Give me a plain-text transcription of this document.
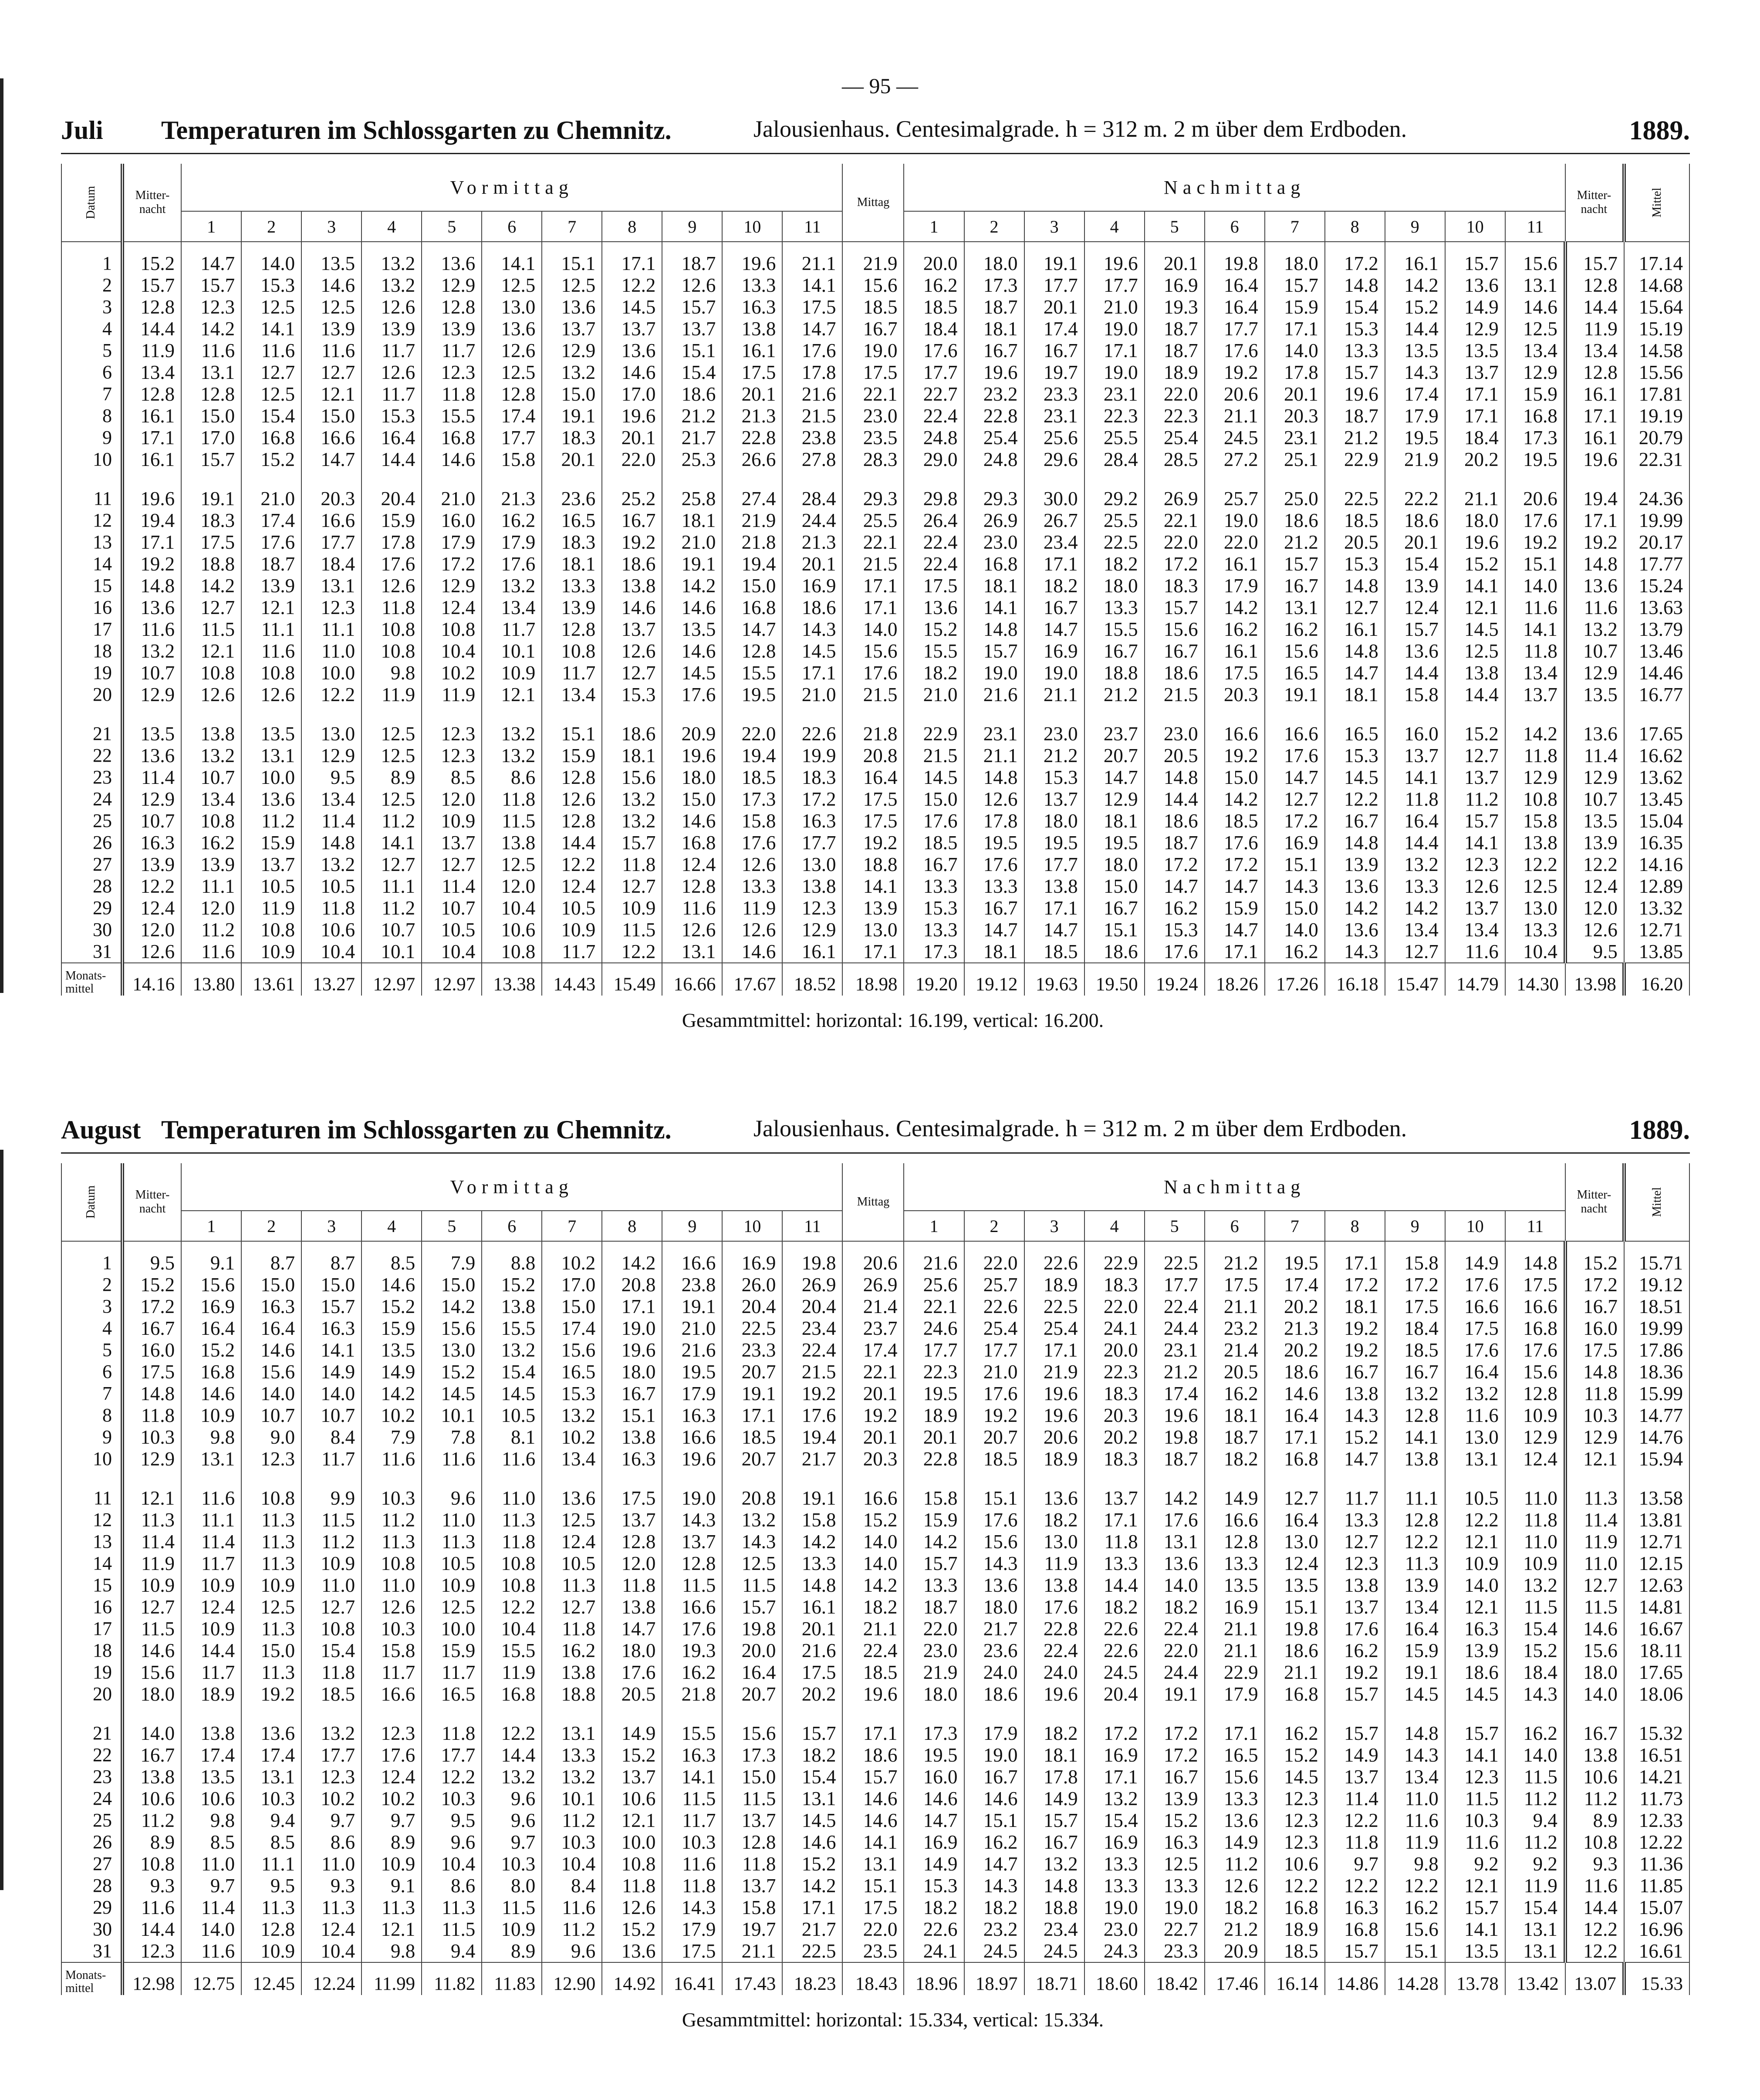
— 95 —
Juli Temperaturen im Schlossgarten zu Chemnitz.	Jalousienhaus. Centesimalgrade. h = 312 m. 2 m über dem Erdboden.	1889.
Datum	Mitter-nacht	Vormittag											Mittag	Nachmittag											Mitter-nacht	Mittel
		1	2	3	4	5	6	7	8	9	10	11		1	2	3	4	5	6	7	8	9	10	11		
1	15.2	14.7	14.0	13.5	13.2	13.6	14.1	15.1	17.1	18.7	19.6	21.1	21.9	20.0	18.0	19.1	19.6	20.1	19.8	18.0	17.2	16.1	15.7	15.6	15.7	17.14
2	15.7	15.7	15.3	14.6	13.2	12.9	12.5	12.5	12.2	12.6	13.3	14.1	15.6	16.2	17.3	17.7	17.7	16.9	16.4	15.7	14.8	14.2	13.6	13.1	12.8	14.68
3	12.8	12.3	12.5	12.5	12.6	12.8	13.0	13.6	14.5	15.7	16.3	17.5	18.5	18.5	18.7	20.1	21.0	19.3	16.4	15.9	15.4	15.2	14.9	14.6	14.4	15.64
4	14.4	14.2	14.1	13.9	13.9	13.9	13.6	13.7	13.7	13.7	13.8	14.7	16.7	18.4	18.1	17.4	19.0	18.7	17.7	17.1	15.3	14.4	12.9	12.5	11.9	15.19
5	11.9	11.6	11.6	11.6	11.7	11.7	12.6	12.9	13.6	15.1	16.1	17.6	19.0	17.6	16.7	16.7	17.1	18.7	17.6	14.0	13.3	13.5	13.5	13.4	13.4	14.58
6	13.4	13.1	12.7	12.7	12.6	12.3	12.5	13.2	14.6	15.4	17.5	17.8	17.5	17.7	19.6	19.7	19.0	18.9	19.2	17.8	15.7	14.3	13.7	12.9	12.8	15.56
7	12.8	12.8	12.5	12.1	11.7	11.8	12.8	15.0	17.0	18.6	20.1	21.6	22.1	22.7	23.2	23.3	23.1	22.0	20.6	20.1	19.6	17.4	17.1	15.9	16.1	17.81
8	16.1	15.0	15.4	15.0	15.3	15.5	17.4	19.1	19.6	21.2	21.3	21.5	23.0	22.4	22.8	23.1	22.3	22.3	21.1	20.3	18.7	17.9	17.1	16.8	17.1	19.19
9	17.1	17.0	16.8	16.6	16.4	16.8	17.7	18.3	20.1	21.7	22.8	23.8	23.5	24.8	25.4	25.6	25.5	25.4	24.5	23.1	21.2	19.5	18.4	17.3	16.1	20.79
10	16.1	15.7	15.2	14.7	14.4	14.6	15.8	20.1	22.0	25.3	26.6	27.8	28.3	29.0	24.8	29.6	28.4	28.5	27.2	25.1	22.9	21.9	20.2	19.5	19.6	22.31
11	19.6	19.1	21.0	20.3	20.4	21.0	21.3	23.6	25.2	25.8	27.4	28.4	29.3	29.8	29.3	30.0	29.2	26.9	25.7	25.0	22.5	22.2	21.1	20.6	19.4	24.36
12	19.4	18.3	17.4	16.6	15.9	16.0	16.2	16.5	16.7	18.1	21.9	24.4	25.5	26.4	26.9	26.7	25.5	22.1	19.0	18.6	18.5	18.6	18.0	17.6	17.1	19.99
13	17.1	17.5	17.6	17.7	17.8	17.9	17.9	18.3	19.2	21.0	21.8	21.3	22.1	22.4	23.0	23.4	22.5	22.0	22.0	21.2	20.5	20.1	19.6	19.2	19.2	20.17
14	19.2	18.8	18.7	18.4	17.6	17.2	17.6	18.1	18.6	19.1	19.4	20.1	21.5	22.4	16.8	17.1	18.2	17.2	16.1	15.7	15.3	15.4	15.2	15.1	14.8	17.77
15	14.8	14.2	13.9	13.1	12.6	12.9	13.2	13.3	13.8	14.2	15.0	16.9	17.1	17.5	18.1	18.2	18.0	18.3	17.9	16.7	14.8	13.9	14.1	14.0	13.6	15.24
16	13.6	12.7	12.1	12.3	11.8	12.4	13.4	13.9	14.6	14.6	16.8	18.6	17.1	13.6	14.1	16.7	13.3	15.7	14.2	13.1	12.7	12.4	12.1	11.6	11.6	13.63
17	11.6	11.5	11.1	11.1	10.8	10.8	11.7	12.8	13.7	13.5	14.7	14.3	14.0	15.2	14.8	14.7	15.5	15.6	16.2	16.2	16.1	15.7	14.5	14.1	13.2	13.79
18	13.2	12.1	11.6	11.0	10.8	10.4	10.1	10.8	12.6	14.6	12.8	14.5	15.6	15.5	15.7	16.9	16.7	16.7	16.1	15.6	14.8	13.6	12.5	11.8	10.7	13.46
19	10.7	10.8	10.8	10.0	9.8	10.2	10.9	11.7	12.7	14.5	15.5	17.1	17.6	18.2	19.0	19.0	18.8	18.6	17.5	16.5	14.7	14.4	13.8	13.4	12.9	14.46
20	12.9	12.6	12.6	12.2	11.9	11.9	12.1	13.4	15.3	17.6	19.5	21.0	21.5	21.0	21.6	21.1	21.2	21.5	20.3	19.1	18.1	15.8	14.4	13.7	13.5	16.77
21	13.5	13.8	13.5	13.0	12.5	12.3	13.2	15.1	18.6	20.9	22.0	22.6	21.8	22.9	23.1	23.0	23.7	23.0	16.6	16.6	16.5	16.0	15.2	14.2	13.6	17.65
22	13.6	13.2	13.1	12.9	12.5	12.3	13.2	15.9	18.1	19.6	19.4	19.9	20.8	21.5	21.1	21.2	20.7	20.5	19.2	17.6	15.3	13.7	12.7	11.8	11.4	16.62
23	11.4	10.7	10.0	9.5	8.9	8.5	8.6	12.8	15.6	18.0	18.5	18.3	16.4	14.5	14.8	15.3	14.7	14.8	15.0	14.7	14.5	14.1	13.7	12.9	12.9	13.62
24	12.9	13.4	13.6	13.4	12.5	12.0	11.8	12.6	13.2	15.0	17.3	17.2	17.5	15.0	12.6	13.7	12.9	14.4	14.2	12.7	12.2	11.8	11.2	10.8	10.7	13.45
25	10.7	10.8	11.2	11.4	11.2	10.9	11.5	12.8	13.2	14.6	15.8	16.3	17.5	17.6	17.8	18.0	18.1	18.6	18.5	17.2	16.7	16.4	15.7	15.8	13.5	15.04
26	16.3	16.2	15.9	14.8	14.1	13.7	13.8	14.4	15.7	16.8	17.6	17.7	19.2	18.5	19.5	19.5	19.5	18.7	17.6	16.9	14.8	14.4	14.1	13.8	13.9	16.35
27	13.9	13.9	13.7	13.2	12.7	12.7	12.5	12.2	11.8	12.4	12.6	13.0	18.8	16.7	17.6	17.7	18.0	17.2	17.2	15.1	13.9	13.2	12.3	12.2	12.2	14.16
28	12.2	11.1	10.5	10.5	11.1	11.4	12.0	12.4	12.7	12.8	13.3	13.8	14.1	13.3	13.3	13.8	15.0	14.7	14.7	14.3	13.6	13.3	12.6	12.5	12.4	12.89
29	12.4	12.0	11.9	11.8	11.2	10.7	10.4	10.5	10.9	11.6	11.9	12.3	13.9	15.3	16.7	17.1	16.7	16.2	15.9	15.0	14.2	14.2	13.7	13.0	12.0	13.32
30	12.0	11.2	10.8	10.6	10.7	10.5	10.6	10.9	11.5	12.6	12.6	12.9	13.0	13.3	14.7	14.7	15.1	15.3	14.7	14.0	13.6	13.4	13.4	13.3	12.6	12.71
31	12.6	11.6	10.9	10.4	10.1	10.4	10.8	11.7	12.2	13.1	14.6	16.1	17.1	17.3	18.1	18.5	18.6	17.6	17.1	16.2	14.3	12.7	11.6	10.4	9.5	13.85
Monats-mittel	14.16	13.80	13.61	13.27	12.97	12.97	13.38	14.43	15.49	16.66	17.67	18.52	18.98	19.20	19.12	19.63	19.50	19.24	18.26	17.26	16.18	15.47	14.79	14.30	13.98	16.20
Gesammtmittel: horizontal: 16.199, vertical: 16.200.
August Temperaturen im Schlossgarten zu Chemnitz.	Jalousienhaus. Centesimalgrade. h = 312 m. 2 m über dem Erdboden.	1889.
Datum	Mitter-nacht	Vormittag											Mittag	Nachmittag											Mitter-nacht	Mittel
		1	2	3	4	5	6	7	8	9	10	11		1	2	3	4	5	6	7	8	9	10	11		
1	9.5	9.1	8.7	8.7	8.5	7.9	8.8	10.2	14.2	16.6	16.9	19.8	20.6	21.6	22.0	22.6	22.9	22.5	21.2	19.5	17.1	15.8	14.9	14.8	15.2	15.71
2	15.2	15.6	15.0	15.0	14.6	15.0	15.2	17.0	20.8	23.8	26.0	26.9	26.9	25.6	25.7	18.9	18.3	17.7	17.5	17.4	17.2	17.2	17.6	17.5	17.2	19.12
3	17.2	16.9	16.3	15.7	15.2	14.2	13.8	15.0	17.1	19.1	20.4	20.4	21.4	22.1	22.6	22.5	22.0	22.4	21.1	20.2	18.1	17.5	16.6	16.6	16.7	18.51
4	16.7	16.4	16.4	16.3	15.9	15.6	15.5	17.4	19.0	21.0	22.5	23.4	23.7	24.6	25.4	25.4	24.1	24.4	23.2	21.3	19.2	18.4	17.5	16.8	16.0	19.99
5	16.0	15.2	14.6	14.1	13.5	13.0	13.2	15.6	19.6	21.6	23.3	22.4	17.4	17.7	17.7	17.1	20.0	23.1	21.4	20.2	19.2	18.5	17.6	17.6	17.5	17.86
6	17.5	16.8	15.6	14.9	14.9	15.2	15.4	16.5	18.0	19.5	20.7	21.5	22.1	22.3	21.0	21.9	22.3	21.2	20.5	18.6	16.7	16.7	16.4	15.6	14.8	18.36
7	14.8	14.6	14.0	14.0	14.2	14.5	14.5	15.3	16.7	17.9	19.1	19.2	20.1	19.5	17.6	19.6	18.3	17.4	16.2	14.6	13.8	13.2	13.2	12.8	11.8	15.99
8	11.8	10.9	10.7	10.7	10.2	10.1	10.5	13.2	15.1	16.3	17.1	17.6	19.2	18.9	19.2	19.6	20.3	19.6	18.1	16.4	14.3	12.8	11.6	10.9	10.3	14.77
9	10.3	9.8	9.0	8.4	7.9	7.8	8.1	10.2	13.8	16.6	18.5	19.4	20.1	20.1	20.7	20.6	20.2	19.8	18.7	17.1	15.2	14.1	13.0	12.9	12.9	14.76
10	12.9	13.1	12.3	11.7	11.6	11.6	11.6	13.4	16.3	19.6	20.7	21.7	20.3	22.8	18.5	18.9	18.3	18.7	18.2	16.8	14.7	13.8	13.1	12.4	12.1	15.94
11	12.1	11.6	10.8	9.9	10.3	9.6	11.0	13.6	17.5	19.0	20.8	19.1	16.6	15.8	15.1	13.6	13.7	14.2	14.9	12.7	11.7	11.1	10.5	11.0	11.3	13.58
12	11.3	11.1	11.3	11.5	11.2	11.0	11.3	12.5	13.7	14.3	13.2	15.8	15.2	15.9	17.6	18.2	17.1	17.6	16.6	16.4	13.3	12.8	12.2	11.8	11.4	13.81
13	11.4	11.4	11.3	11.2	11.3	11.3	11.8	12.4	12.8	13.7	14.3	14.2	14.0	14.2	15.6	13.0	11.8	13.1	12.8	13.0	12.7	12.2	12.1	11.0	11.9	12.71
14	11.9	11.7	11.3	10.9	10.8	10.5	10.8	10.5	12.0	12.8	12.5	13.3	14.0	15.7	14.3	11.9	13.3	13.6	13.3	12.4	12.3	11.3	10.9	10.9	11.0	12.15
15	10.9	10.9	10.9	11.0	11.0	10.9	10.8	11.3	11.8	11.5	11.5	14.8	14.2	13.3	13.6	13.8	14.4	14.0	13.5	13.5	13.8	13.9	14.0	13.2	12.7	12.63
16	12.7	12.4	12.5	12.7	12.6	12.5	12.2	12.7	13.8	16.6	15.7	16.1	18.2	18.7	18.0	17.6	18.2	18.2	16.9	15.1	13.7	13.4	12.1	11.5	11.5	14.81
17	11.5	10.9	11.3	10.8	10.3	10.0	10.4	11.8	14.7	17.6	19.8	20.1	21.1	22.0	21.7	22.8	22.6	22.4	21.1	19.8	17.6	16.4	16.3	15.4	14.6	16.67
18	14.6	14.4	15.0	15.4	15.8	15.9	15.5	16.2	18.0	19.3	20.0	21.6	22.4	23.0	23.6	22.4	22.6	22.0	21.1	18.6	16.2	15.9	13.9	15.2	15.6	18.11
19	15.6	11.7	11.3	11.8	11.7	11.7	11.9	13.8	17.6	16.2	16.4	17.5	18.5	21.9	24.0	24.0	24.5	24.4	22.9	21.1	19.2	19.1	18.6	18.4	18.0	17.65
20	18.0	18.9	19.2	18.5	16.6	16.5	16.8	18.8	20.5	21.8	20.7	20.2	19.6	18.0	18.6	19.6	20.4	19.1	17.9	16.8	15.7	14.5	14.5	14.3	14.0	18.06
21	14.0	13.8	13.6	13.2	12.3	11.8	12.2	13.1	14.9	15.5	15.6	15.7	17.1	17.3	17.9	18.2	17.2	17.2	17.1	16.2	15.7	14.8	15.7	16.2	16.7	15.32
22	16.7	17.4	17.4	17.7	17.6	17.7	14.4	13.3	15.2	16.3	17.3	18.2	18.6	19.5	19.0	18.1	16.9	17.2	16.5	15.2	14.9	14.3	14.1	14.0	13.8	16.51
23	13.8	13.5	13.1	12.3	12.4	12.2	13.2	13.2	13.7	14.1	15.0	15.4	15.7	16.0	16.7	17.8	17.1	16.7	15.6	14.5	13.7	13.4	12.3	11.5	10.6	14.21
24	10.6	10.6	10.3	10.2	10.2	10.3	9.6	10.1	10.6	11.5	11.5	13.1	14.6	14.6	14.6	14.9	13.2	13.9	13.3	12.3	11.4	11.0	11.5	11.2	11.2	11.73
25	11.2	9.8	9.4	9.7	9.7	9.5	9.6	11.2	12.1	11.7	13.7	14.5	14.6	14.7	15.1	15.7	15.4	15.2	13.6	12.3	12.2	11.6	10.3	9.4	8.9	12.33
26	8.9	8.5	8.5	8.6	8.9	9.6	9.7	10.3	10.0	10.3	12.8	14.6	14.1	16.9	16.2	16.7	16.9	16.3	14.9	12.3	11.8	11.9	11.6	11.2	10.8	12.22
27	10.8	11.0	11.1	11.0	10.9	10.4	10.3	10.4	10.8	11.6	11.8	15.2	13.1	14.9	14.7	13.2	13.3	12.5	11.2	10.6	9.7	9.8	9.2	9.2	9.3	11.36
28	9.3	9.7	9.5	9.3	9.1	8.6	8.0	8.4	11.8	11.8	13.7	14.2	15.1	15.3	14.3	14.8	13.3	13.3	12.6	12.2	12.2	12.2	12.1	11.9	11.6	11.85
29	11.6	11.4	11.3	11.3	11.3	11.3	11.5	11.6	12.6	14.3	15.8	17.1	17.5	18.2	18.2	18.8	19.0	19.0	18.2	16.8	16.3	16.2	15.7	15.4	14.4	15.07
30	14.4	14.0	12.8	12.4	12.1	11.5	10.9	11.2	15.2	17.9	19.7	21.7	22.0	22.6	23.2	23.4	23.0	22.7	21.2	18.9	16.8	15.6	14.1	13.1	12.2	16.96
31	12.3	11.6	10.9	10.4	9.8	9.4	8.9	9.6	13.6	17.5	21.1	22.5	23.5	24.1	24.5	24.5	24.3	23.3	20.9	18.5	15.7	15.1	13.5	13.1	12.2	16.61
Monats-mittel	12.98	12.75	12.45	12.24	11.99	11.82	11.83	12.90	14.92	16.41	17.43	18.23	18.43	18.96	18.97	18.71	18.60	18.42	17.46	16.14	14.86	14.28	13.78	13.42	13.07	15.33
Gesammtmittel: horizontal: 15.334, vertical: 15.334.
